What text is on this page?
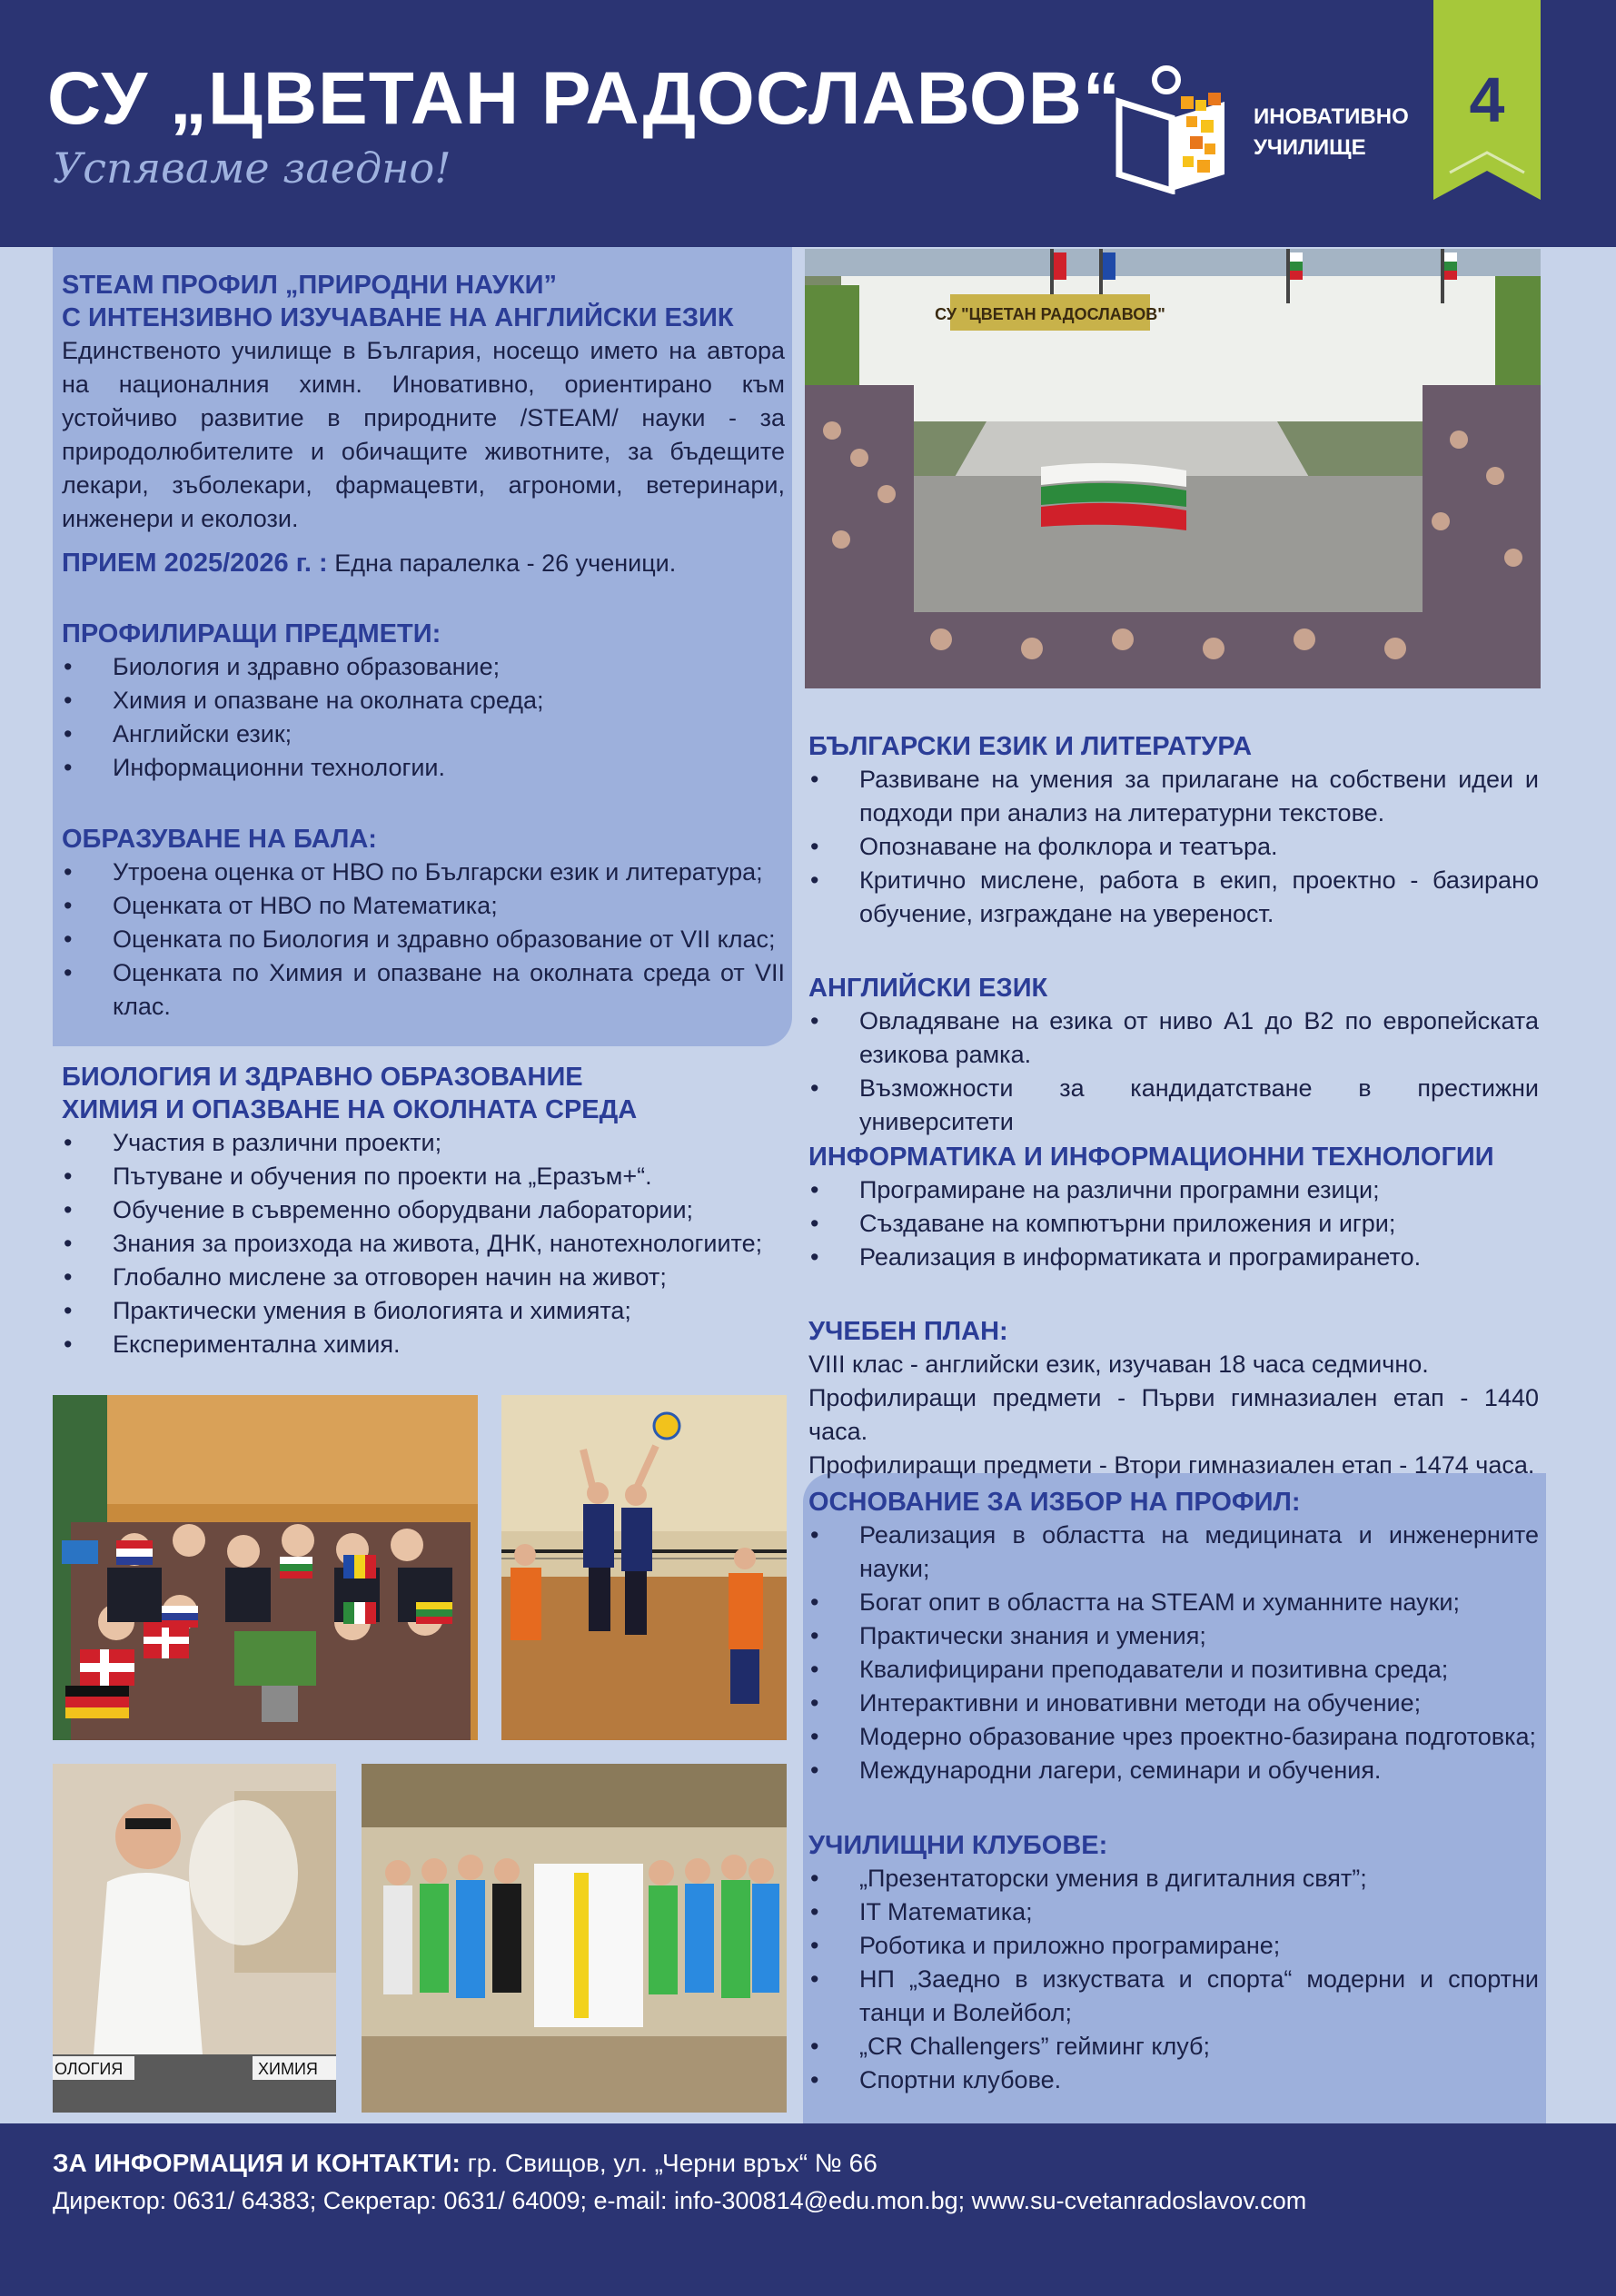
СУ „ЦВЕТАН РАДОСЛАВОВ“
Успяваме заедно!
ИНОВАТИВНО
УЧИЛИЩЕ
4
STEAM ПРОФИЛ „ПРИРОДНИ НАУКИ”
С ИНТЕНЗИВНО ИЗУЧАВАНЕ НА АНГЛИЙСКИ ЕЗИК
Единственото училище в България, носещо името на автора на националния химн. Иновативно, ориентирано към устойчиво развитие в природните /STEAM/ науки - за природолюбителите и обичащите животните, за бъдещите лекари, зъболекари, фармацевти, агрономи, ветеринари, инженери и еколози.
ПРИЕМ 2025/2026 г. : Една паралелка - 26 ученици.
ПРОФИЛИРАЩИ ПРЕДМЕТИ:
• Биология и здравно образование;
• Химия и опазване на околната среда;
• Английски език;
• Информационни технологии.
ОБРАЗУВАНЕ НА БАЛА:
• Утроена оценка от НВО по Български език и литература;
• Оценката от НВО по Математика;
• Оценката по Биология и здравно образование от VII клас;
• Оценката по Химия и опазване на околната среда от VII клас.
БИОЛОГИЯ И ЗДРАВНО ОБРАЗОВАНИЕ
ХИМИЯ И ОПАЗВАНЕ НА ОКОЛНАТА СРЕДА
• Участия в различни проекти;
• Пътуване и обучения по проекти на „Еразъм+“.
• Обучение в съвременно оборудвани лаборатории;
• Знания за произхода на живота, ДНК, нанотехнологиите;
• Глобално мислене за отговорен начин на живот;
• Практически умения в биологията и химията;
• Експериментална химия.
ОЛОГИЯ	ХИМИЯ
СУ "ЦВЕТАН РАДОСЛАВОВ"
БЪЛГАРСКИ ЕЗИК И ЛИТЕРАТУРА
• Развиване на умения за прилагане на собствени идеи и подходи при анализ на литературни текстове.
• Опознаване на фолклора и театъра.
• Критично мислене, работа в екип, проектно - базирано обучение, изграждане на увереност.
АНГЛИЙСКИ ЕЗИК
• Овладяване на езика от ниво А1 до В2 по европейската езикова рамка.
• Възможности за кандидатстване в престижни университети
ИНФОРМАТИКА И ИНФОРМАЦИОННИ ТЕХНОЛОГИИ
• Програмиране на различни програмни езици;
• Създаване на компютърни приложения и игри;
• Реализация в информатиката и програмирането.
УЧЕБЕН ПЛАН:
VIII клас - английски език, изучаван 18 часа седмично.
Профилиращи предмети - Първи гимназиален етап - 1440 часа.
Профилиращи предмети - Втори гимназиален етап - 1474 часа.
ОСНОВАНИЕ ЗА ИЗБОР НА ПРОФИЛ:
• Реализация в областта на медицината и инженерните науки;
• Богат опит в областта на STEAM и хуманните науки;
• Практически знания и умения;
• Квалифицирани преподаватели и позитивна среда;
• Интерактивни и иновативни методи на обучение;
• Модерно образование чрез проектно-базирана подготовка;
• Международни лагери, семинари и обучения.
УЧИЛИЩНИ КЛУБОВЕ:
• „Презентаторски умения в дигиталния свят”;
• IT Математика;
• Роботика и приложно програмиране;
• НП „Заедно в изкуствата и спорта“ модерни и спортни танци и Волейбол;
• „CR Challengers” гейминг клуб;
• Спортни клубове.
ЗА ИНФОРМАЦИЯ И КОНТАКТИ: гр. Свищов, ул. „Черни връх“ № 66
Директор: 0631/ 64383; Секретар: 0631/ 64009; e-mail: info-300814@edu.mon.bg; www.su-cvetanradoslavov.com
